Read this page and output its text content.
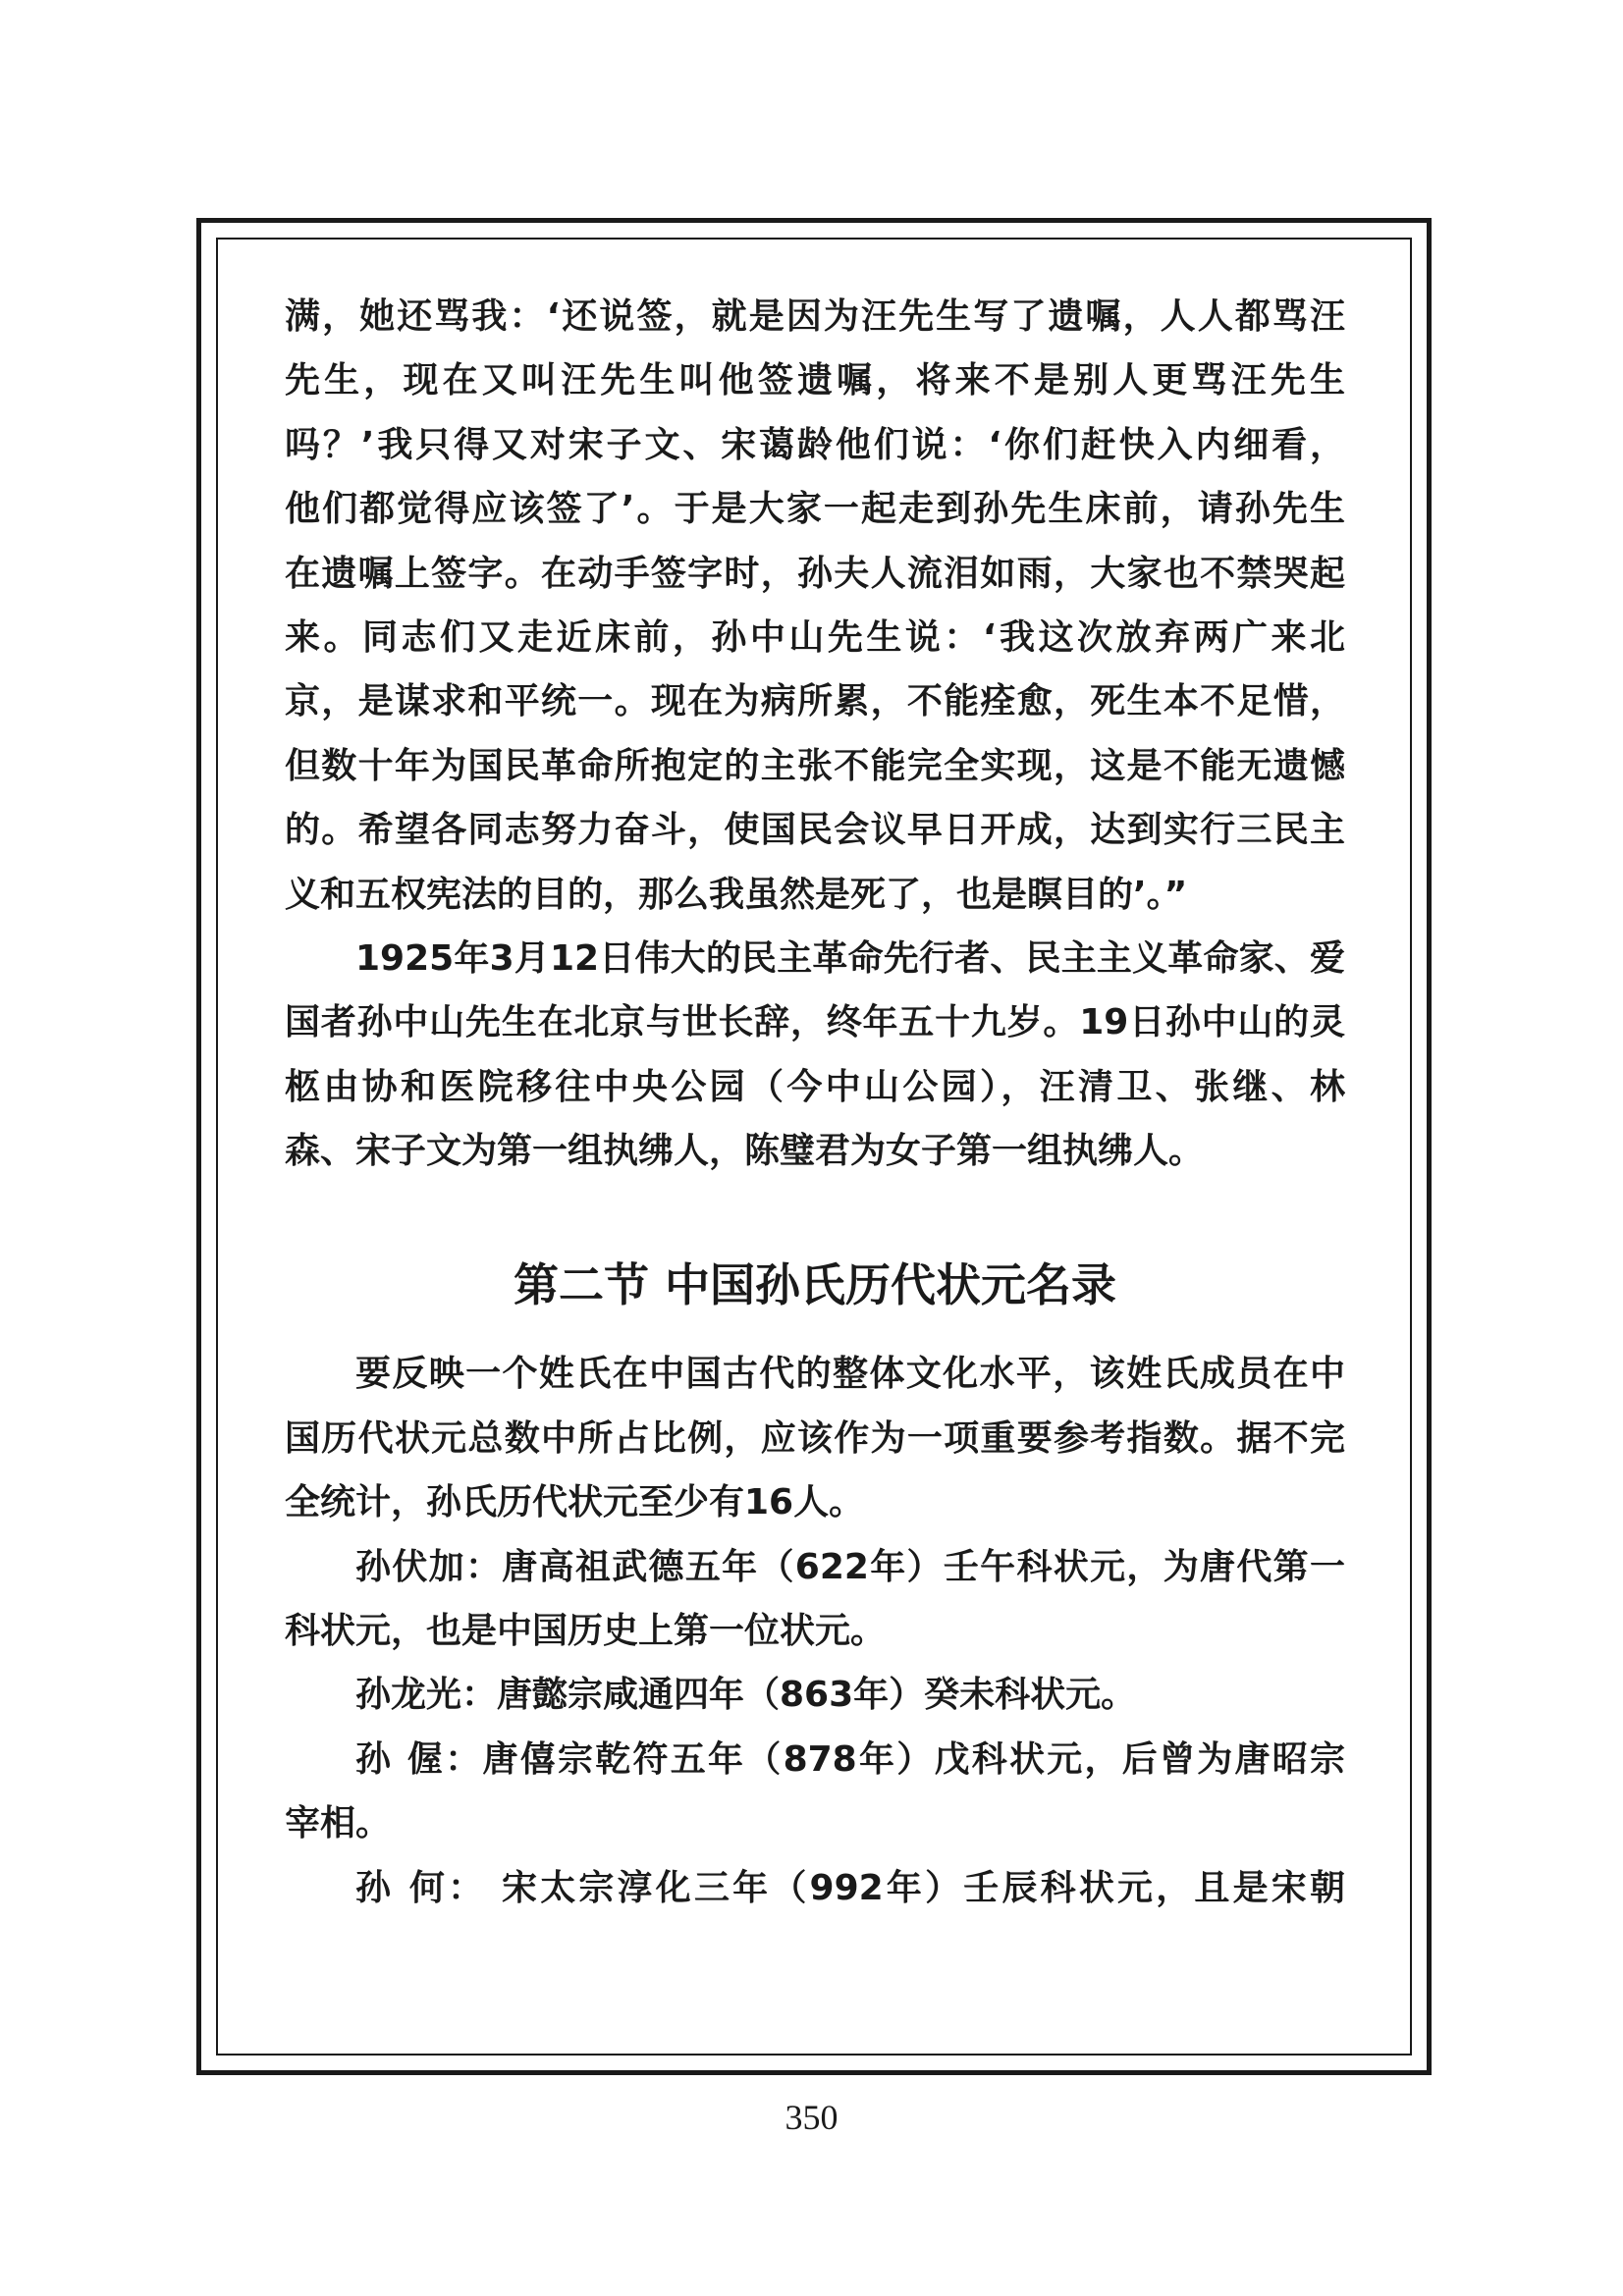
满，她还骂我：‘还说签，就是因为汪先生写了遗嘱，人人都骂汪
先生，现在又叫汪先生叫他签遗嘱，将来不是别人更骂汪先生
吗？’我只得又对宋子文、宋蔼龄他们说：‘你们赶快入内细看，
他们都觉得应该签了’。于是大家一起走到孙先生床前，请孙先生
在遗嘱上签字。在动手签字时，孙夫人流泪如雨，大家也不禁哭起
来。同志们又走近床前，孙中山先生说：‘我这次放弃两广来北
京，是谋求和平统一。现在为病所累，不能痊愈，死生本不足惜，
但数十年为国民革命所抱定的主张不能完全实现，这是不能无遗憾
的。希望各同志努力奋斗，使国民会议早日开成，达到实行三民主
义和五权宪法的目的，那么我虽然是死了，也是瞑目的’。”
1925年3月12日伟大的民主革命先行者、民主主义革命家、爱
国者孙中山先生在北京与世长辞，终年五十九岁。19日孙中山的灵
柩由协和医院移往中央公园（今中山公园），汪清卫、张继、林
森、宋子文为第一组执绋人，陈璧君为女子第一组执绋人。
第二节 中国孙氏历代状元名录
要反映一个姓氏在中国古代的整体文化水平，该姓氏成员在中
国历代状元总数中所占比例，应该作为一项重要参考指数。据不完
全统计，孙氏历代状元至少有16人。
孙伏加：唐高祖武德五年（622年）壬午科状元，为唐代第一
科状元，也是中国历史上第一位状元。
孙龙光：唐懿宗咸通四年（863年）癸未科状元。
孙 偓：唐僖宗乾符五年（878年）戊科状元，后曾为唐昭宗
宰相。
孙 何： 宋太宗淳化三年（992年）壬辰科状元，且是宋朝
350
